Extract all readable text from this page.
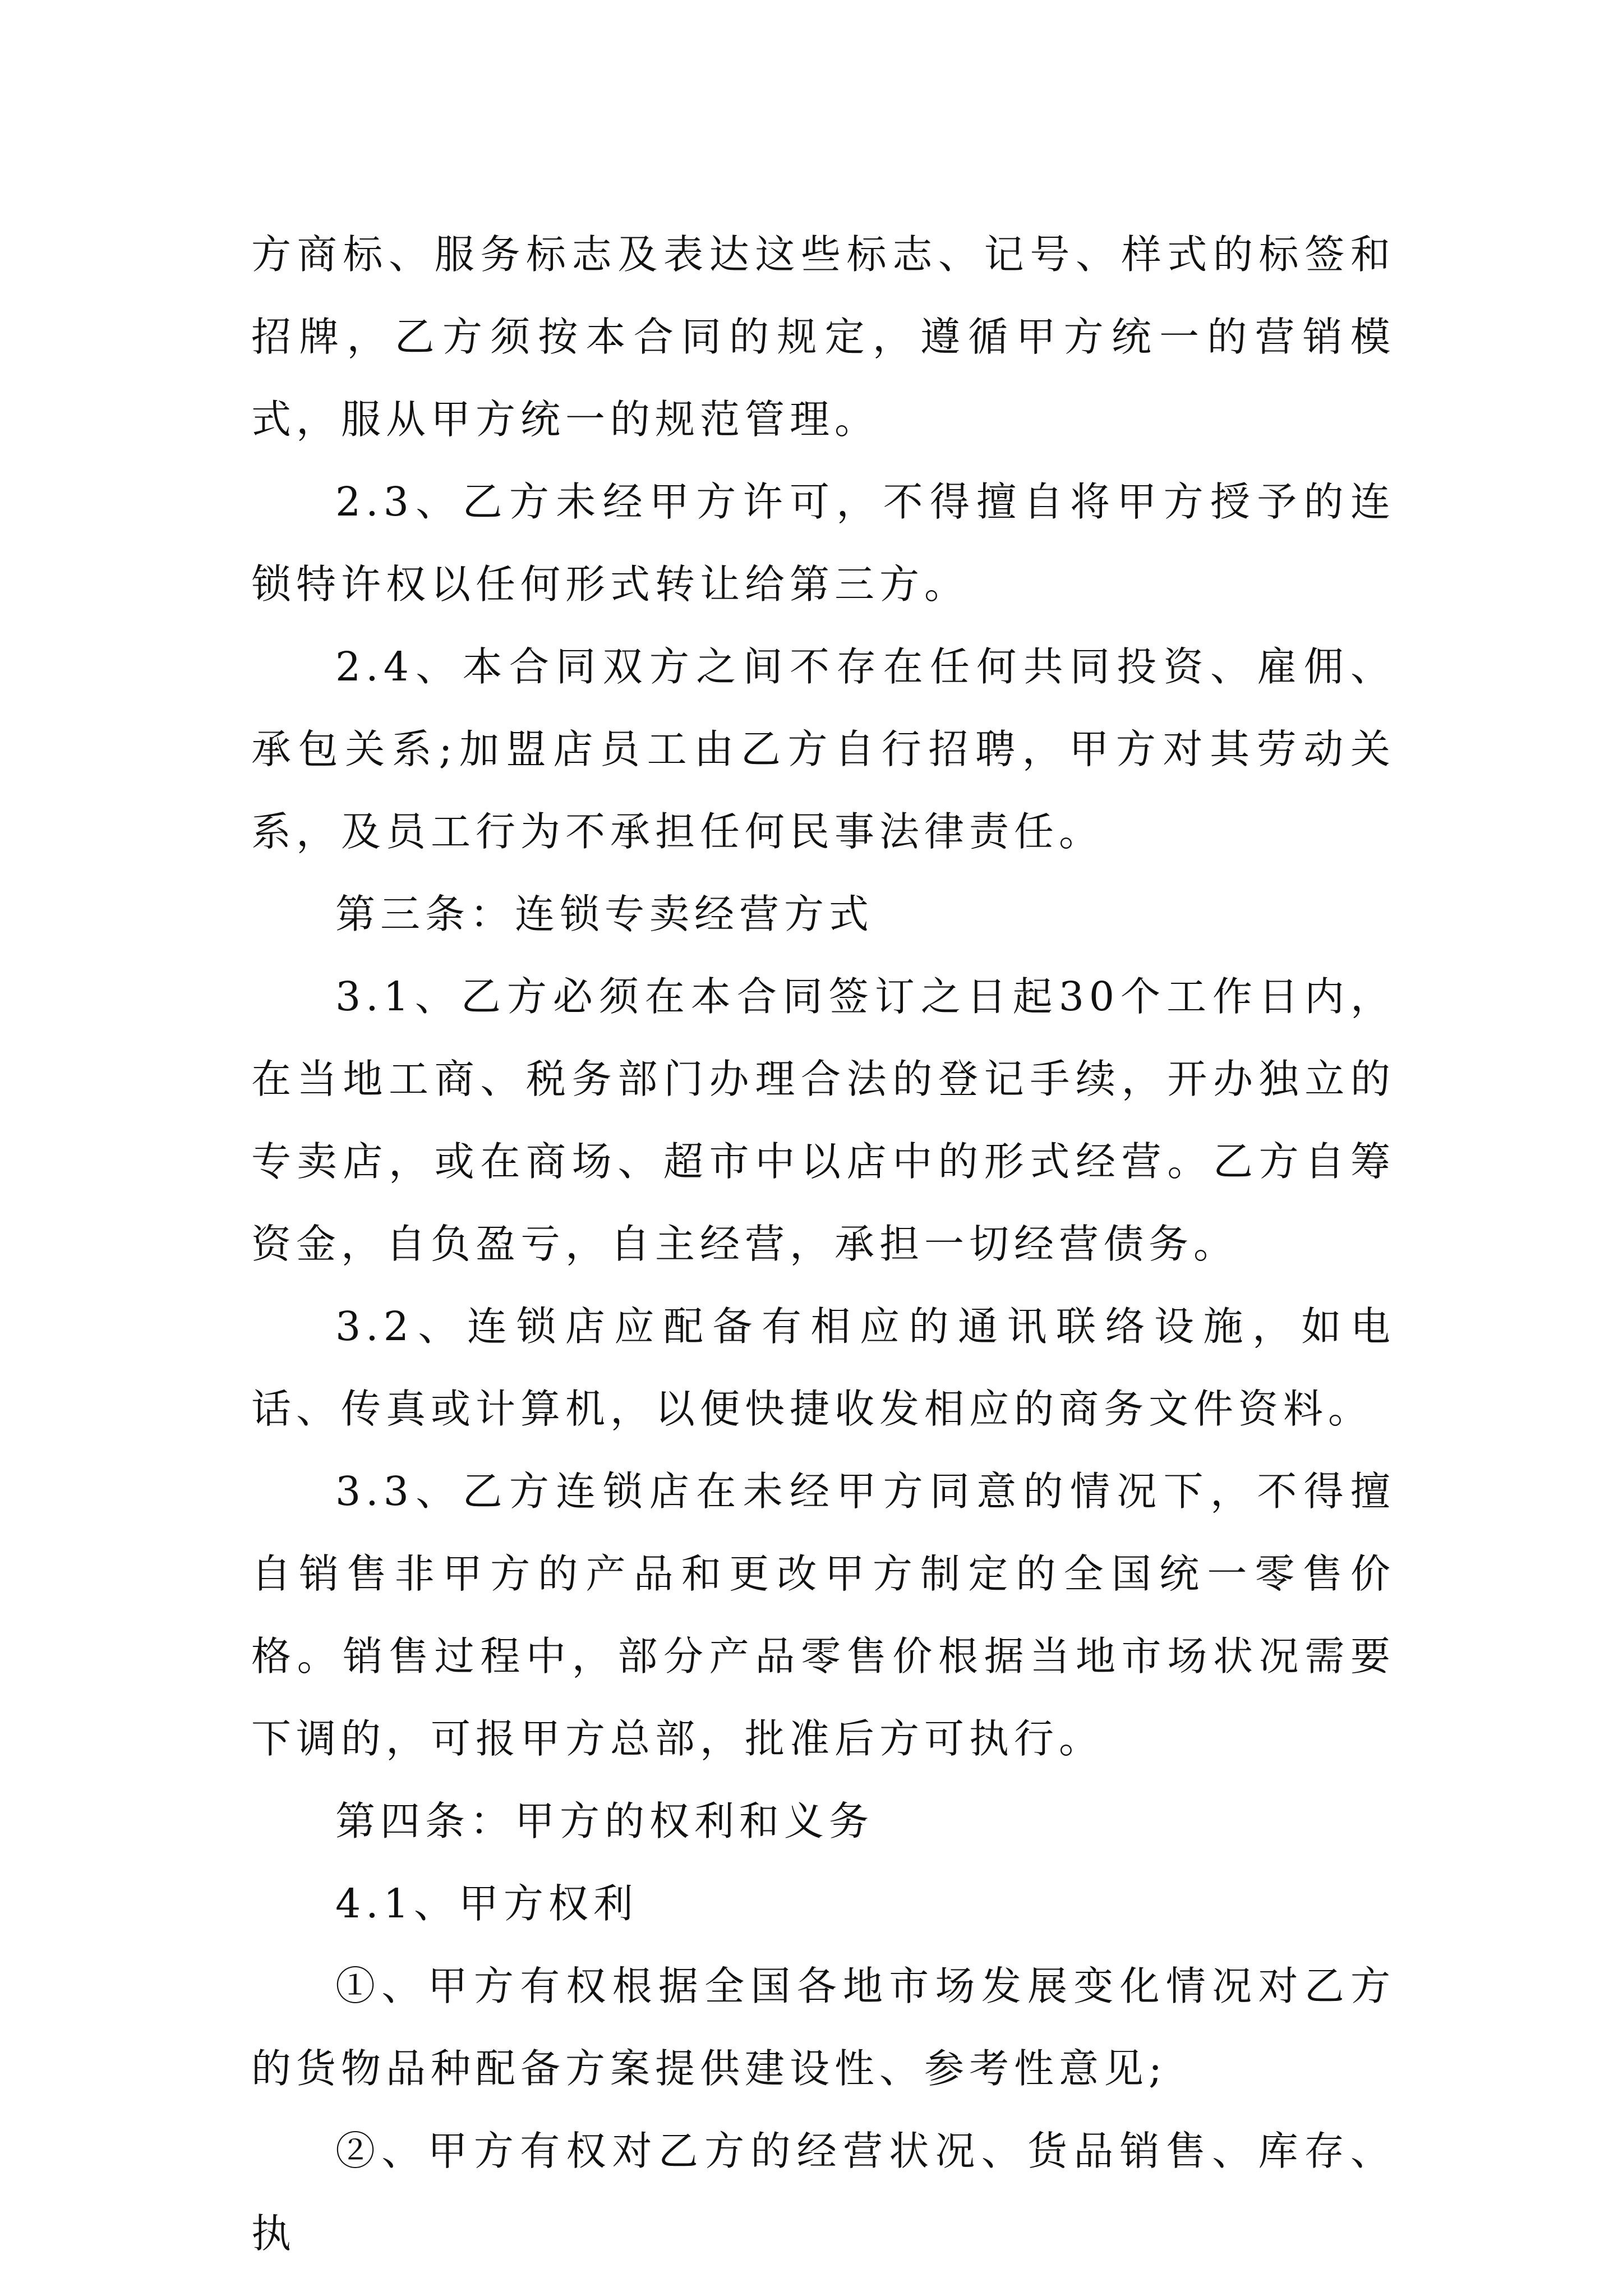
方商标、服务标志及表达这些标志、记号、样式的标签和招牌，乙方须按本合同的规定，遵循甲方统一的营销模式，服从甲方统一的规范管理。

2.3、乙方未经甲方许可，不得擅自将甲方授予的连锁特许权以任何形式转让给第三方。

2.4、本合同双方之间不存在任何共同投资、雇佣、承包关系;加盟店员工由乙方自行招聘，甲方对其劳动关系，及员工行为不承担任何民事法律责任。

第三条：连锁专卖经营方式

3.1、乙方必须在本合同签订之日起30个工作日内，在当地工商、税务部门办理合法的登记手续，开办独立的专卖店，或在商场、超市中以店中的形式经营。乙方自筹资金，自负盈亏，自主经营，承担一切经营债务。

3.2、连锁店应配备有相应的通讯联络设施，如电话、传真或计算机，以便快捷收发相应的商务文件资料。

3.3、乙方连锁店在未经甲方同意的情况下，不得擅自销售非甲方的产品和更改甲方制定的全国统一零售价格。销售过程中，部分产品零售价根据当地市场状况需要下调的，可报甲方总部，批准后方可执行。

第四条：甲方的权利和义务

4.1、甲方权利

①、甲方有权根据全国各地市场发展变化情况对乙方的货物品种配备方案提供建设性、参考性意见;

②、甲方有权对乙方的经营状况、货品销售、库存、执
